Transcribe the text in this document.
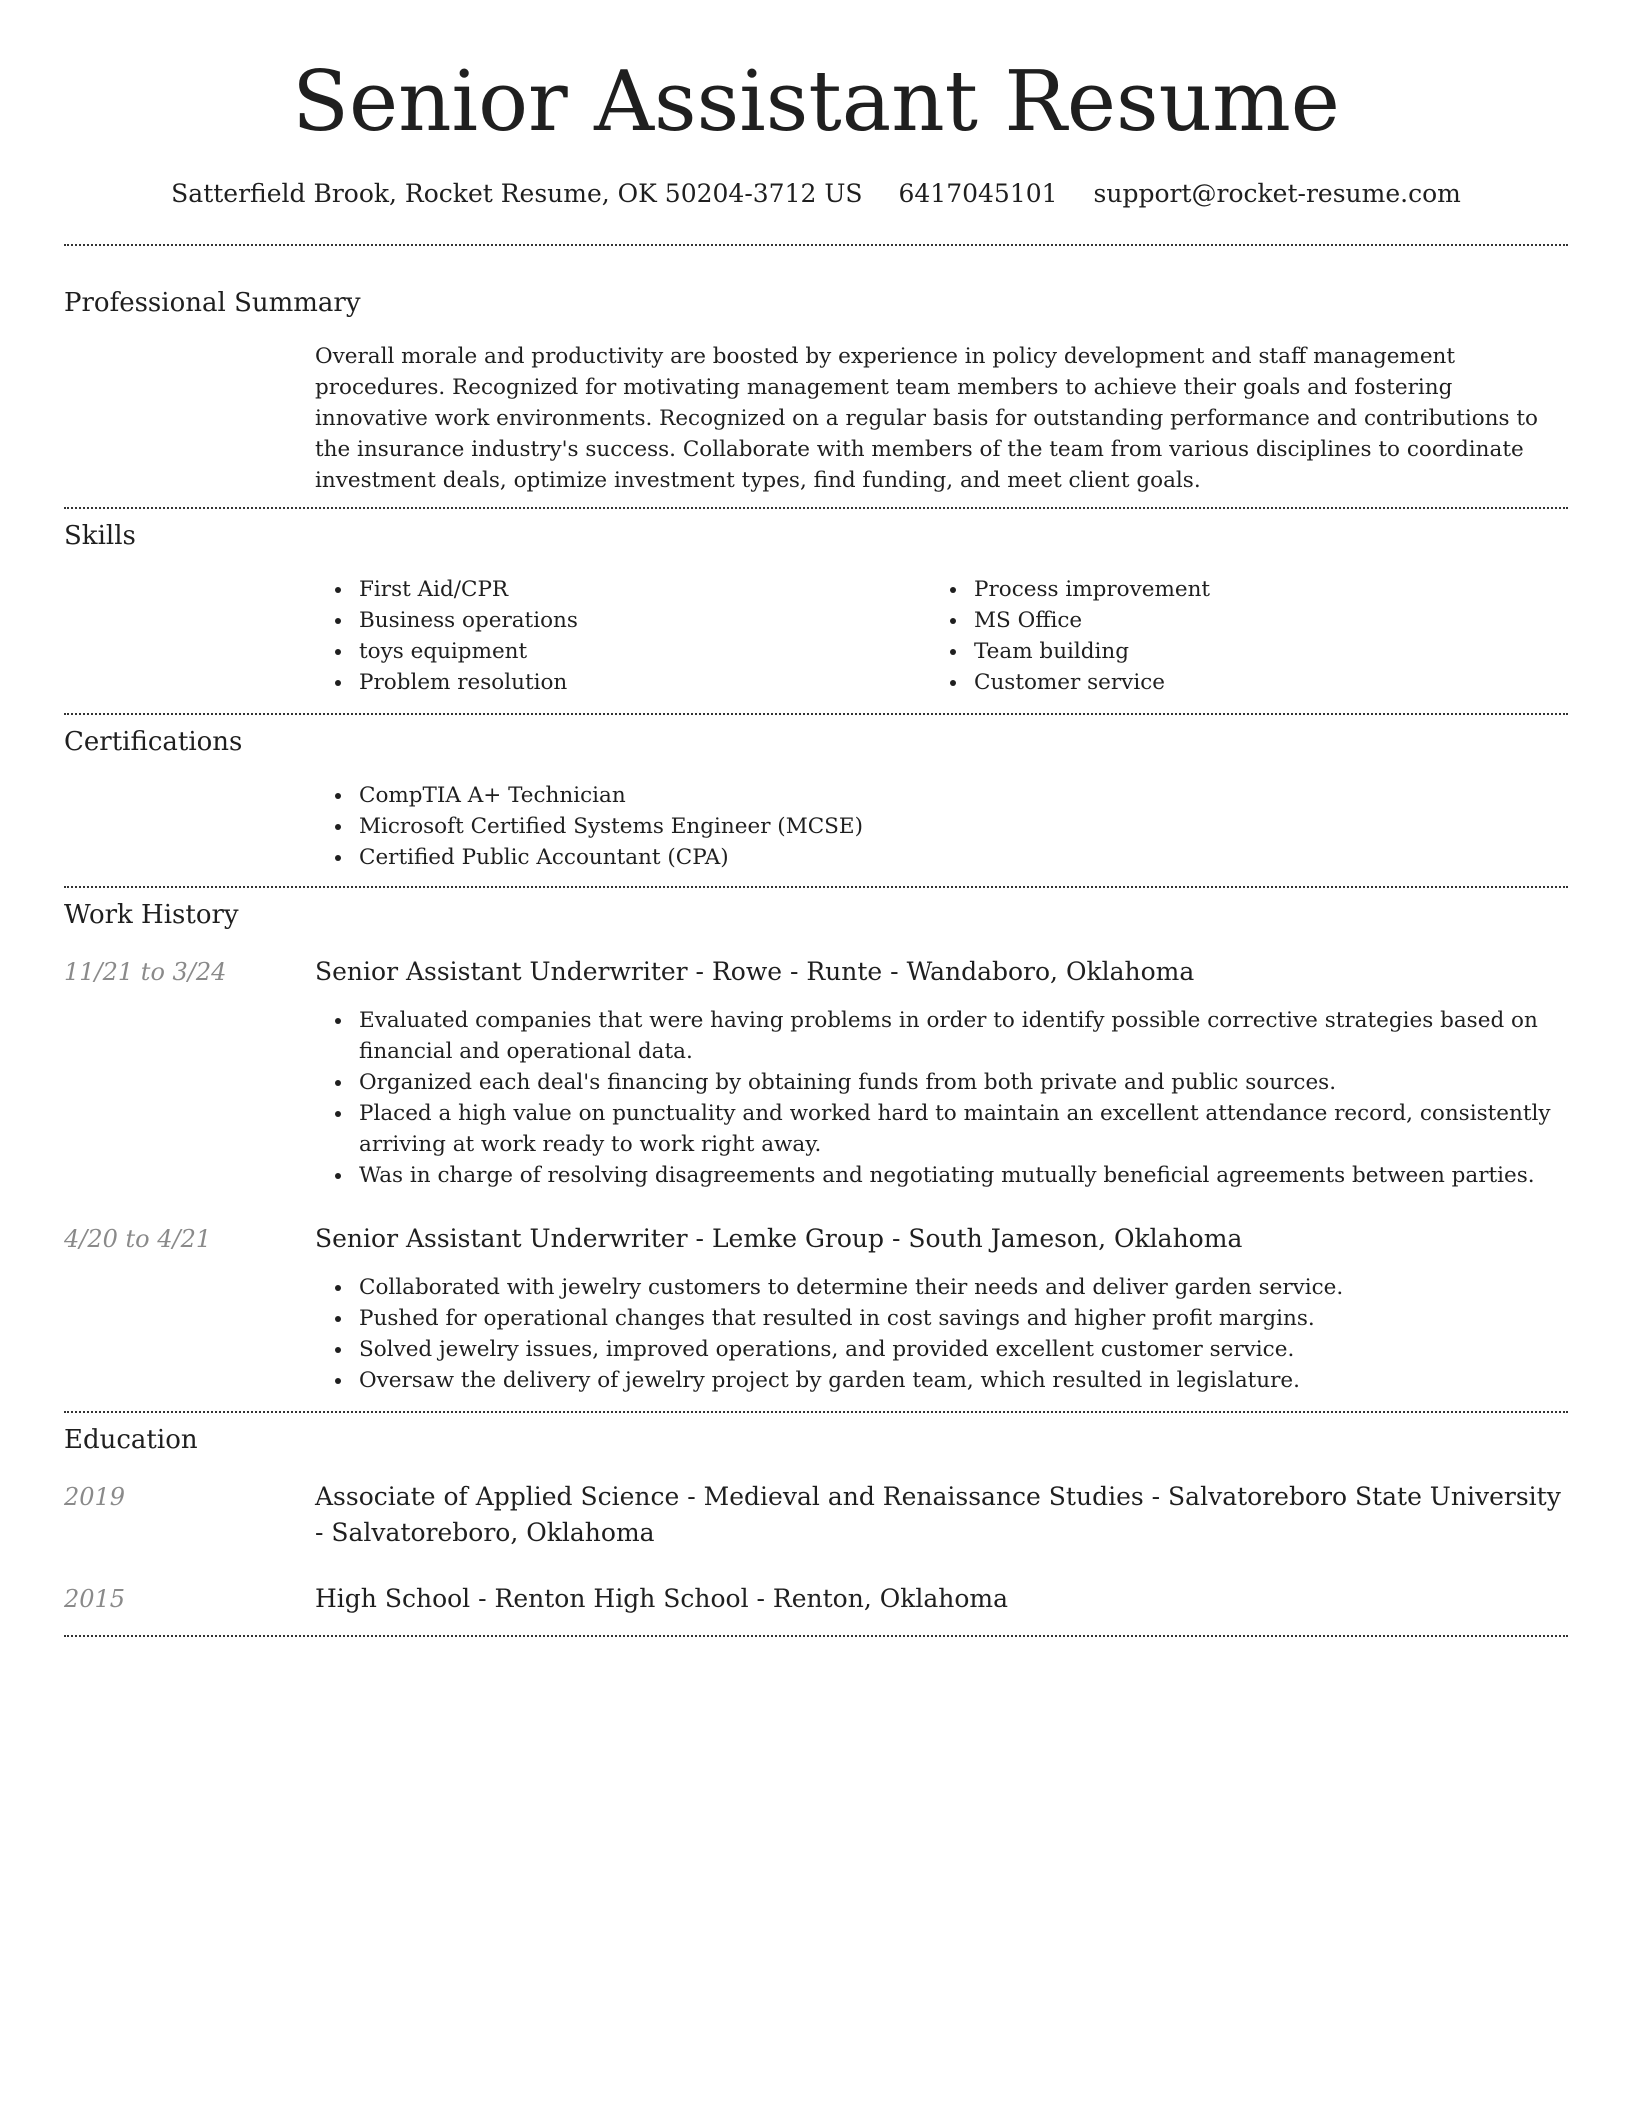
Senior Assistant Resume
Satterfield Brook, Rocket Resume, OK 50204-3712 US 6417045101 support@rocket-resume.com
Professional Summary

Overall morale and productivity are boosted by experience in policy development and staff management procedures. Recognized for motivating management team members to achieve their goals and fostering innovative work environments. Recognized on a regular basis for outstanding performance and contributions to the insurance industry's success. Collaborate with members of the team from various disciplines to coordinate investment deals, optimize investment types, find funding, and meet client goals.

Skills
First Aid/CPR
Business operations
toys equipment
Problem resolution
Process improvement
MS Office
Team building
Customer service
Certifications
CompTIA A+ Technician
Microsoft Certified Systems Engineer (MCSE)
Certified Public Accountant (CPA)
Work History
11/21 to 3/24	Senior Assistant Underwriter - Rowe - Runte - Wandaboro, Oklahoma
Evaluated companies that were having problems in order to identify possible corrective strategies based on financial and operational data.
Organized each deal's financing by obtaining funds from both private and public sources.
Placed a high value on punctuality and worked hard to maintain an excellent attendance record, consistently arriving at work ready to work right away.
Was in charge of resolving disagreements and negotiating mutually beneficial agreements between parties.
4/20 to 4/21	Senior Assistant Underwriter - Lemke Group - South Jameson, Oklahoma
Collaborated with jewelry customers to determine their needs and deliver garden service.
Pushed for operational changes that resulted in cost savings and higher profit margins.
Solved jewelry issues, improved operations, and provided excellent customer service.
Oversaw the delivery of jewelry project by garden team, which resulted in legislature.
Education
2019	Associate of Applied Science - Medieval and Renaissance Studies - Salvatoreboro State University - Salvatoreboro, Oklahoma
2015	High School - Renton High School - Renton, Oklahoma
